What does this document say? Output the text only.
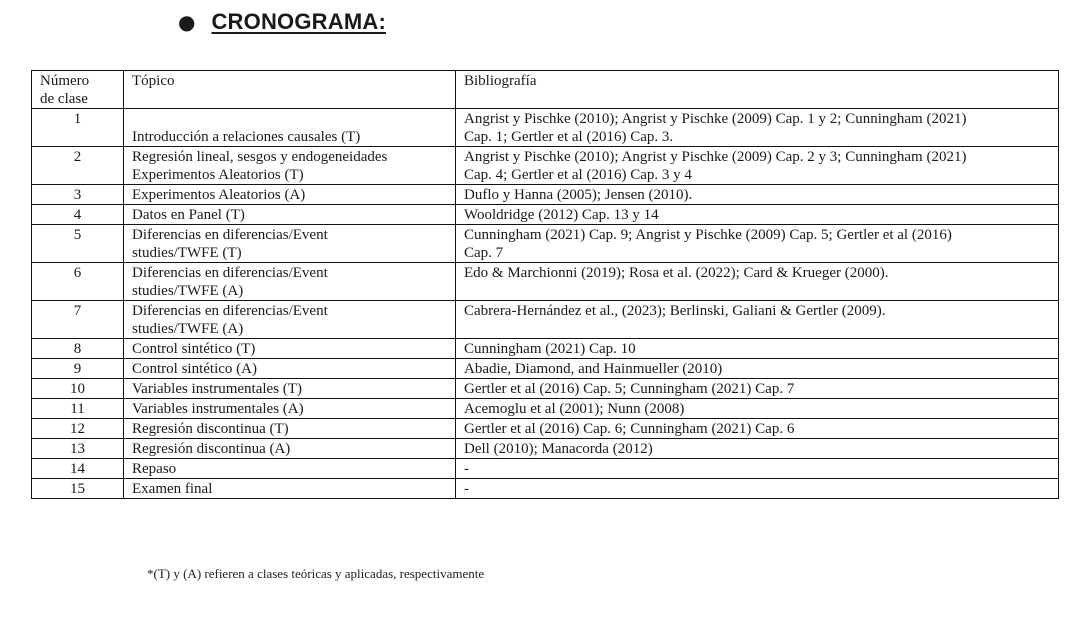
● CRONOGRAMA:
Número
de clase	Tópico	Bibliografía

1	Introducción a relaciones causales (T)	Angrist y Pischke (2010); Angrist y Pischke (2009) Cap. 1 y 2; Cunningham (2021)
Cap. 1; Gertler et al (2016) Cap. 3.

2	Regresión lineal, sesgos y endogeneidades
Experimentos Aleatorios (T)	Angrist y Pischke (2010); Angrist y Pischke (2009) Cap. 2 y 3; Cunningham (2021)
Cap. 4; Gertler et al (2016) Cap. 3 y 4

3	Experimentos Aleatorios (A)	Duflo y Hanna (2005); Jensen (2010).

4	Datos en Panel (T)	Wooldridge (2012) Cap. 13 y 14

5	Diferencias en diferencias/Event
studies/TWFE (T)	Cunningham (2021) Cap. 9; Angrist y Pischke (2009) Cap. 5; Gertler et al (2016)
Cap. 7

6	Diferencias en diferencias/Event
studies/TWFE (A)	Edo & Marchionni (2019); Rosa et al. (2022); Card & Krueger (2000).

7	Diferencias en diferencias/Event
studies/TWFE (A)	Cabrera-Hernández et al., (2023); Berlinski, Galiani & Gertler (2009).

8	Control sintético (T)	Cunningham (2021) Cap. 10

9	Control sintético (A)	Abadie, Diamond, and Hainmueller (2010)

10	Variables instrumentales (T)	Gertler et al (2016) Cap. 5; Cunningham (2021) Cap. 7

11	Variables instrumentales (A)	Acemoglu et al (2001); Nunn (2008)

12	Regresión discontinua (T)	Gertler et al (2016) Cap. 6; Cunningham (2021) Cap. 6

13	Regresión discontinua (A)	Dell (2010); Manacorda (2012)

14	Repaso	-

15	Examen final	-
*(T) y (A) refieren a clases teóricas y aplicadas, respectivamente
